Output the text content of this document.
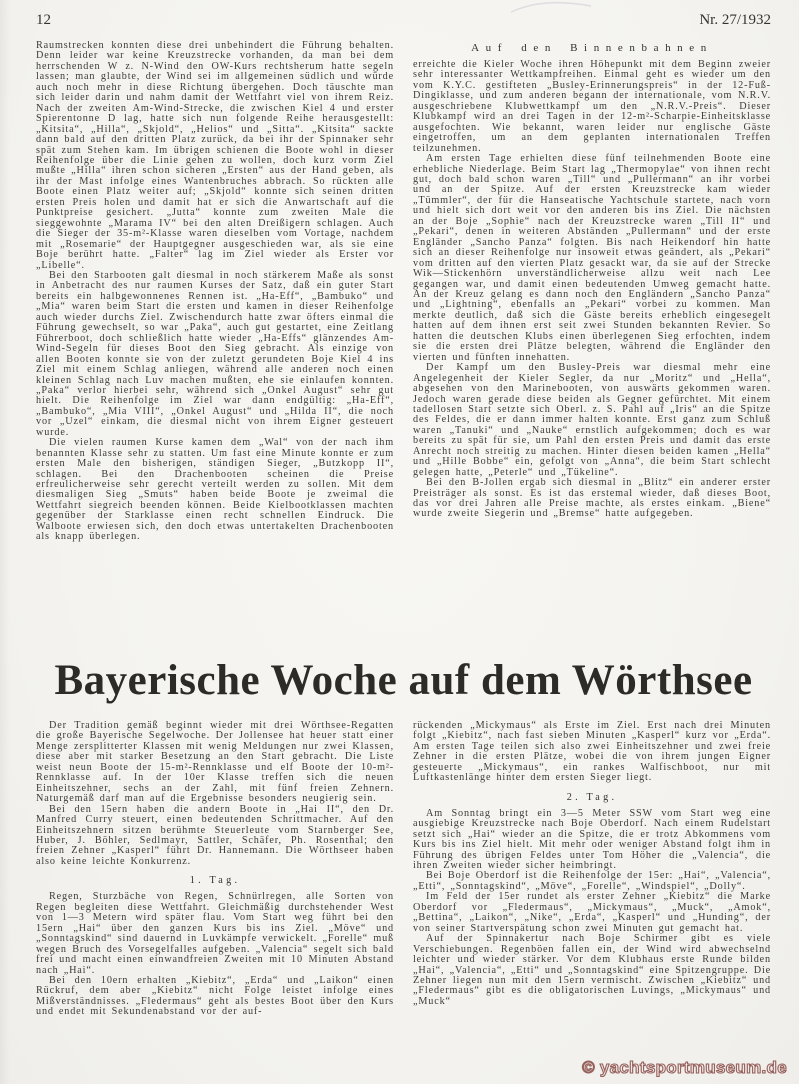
12	Nr. 27/1932

Raumstrecken konnten diese drei unbehindert die Führung behalten. Denn leider war keine Kreuzstrecke vorhanden, da man bei dem herrschenden W z. N-Wind den OW-Kurs rechtsherum hatte segeln lassen; man glaubte, der Wind sei im allgemeinen südlich und würde auch noch mehr in diese Richtung übergehen. Doch täuschte man sich leider darin und nahm damit der Wettfahrt viel von ihrem Reiz. Nach der zweiten Am-Wind-Strecke, die zwischen Kiel 4 und erster Spierentonne D lag, hatte sich nun folgende Reihe herausgestellt: „Kitsita“, „Hilla“, „Skjold“, „Helios“ und „Sitta“. „Kitsita“ sackte dann bald auf den dritten Platz zurück, da bei ihr der Spinnaker sehr spät zum Stehen kam. Im übrigen schienen die Boote wohl in dieser Reihenfolge über die Linie gehen zu wollen, doch kurz vorm Ziel mußte „Hilla“ ihren schon sicheren „Ersten“ aus der Hand geben, als ihr der Mast infolge eines Wantenbruches abbrach. So rückten alle Boote einen Platz weiter auf; „Skjold“ konnte sich seinen dritten ersten Preis holen und damit hat er sich die Anwartschaft auf die Punktpreise gesichert. „Jutta“ konnte zum zweiten Male die sieggewohnte „Marama IV“ bei den alten Dreißigern schlagen. Auch die Sieger der 35-m²-Klasse waren dieselben vom Vortage, nachdem mit „Rosemarie“ der Hauptgegner ausgeschieden war, als sie eine Boje berührt hatte. „Falter“ lag im Ziel wieder als Erster vor „Libelle“.

Bei den Starbooten galt diesmal in noch stärkerem Maße als sonst in Anbetracht des nur raumen Kurses der Satz, daß ein guter Start bereits ein halbgewonnenes Rennen ist. „Ha-Eff“, „Bambuko“ und „Mia“ waren beim Start die ersten und kamen in dieser Reihenfolge auch wieder durchs Ziel. Zwischendurch hatte zwar öfters einmal die Führung gewechselt, so war „Paka“, auch gut gestartet, eine Zeitlang Führerboot, doch schließlich hatte wieder „Ha-Effs“ glänzendes Am-Wind-Segeln für dieses Boot den Sieg gebracht. Als einzige von allen Booten konnte sie von der zuletzt gerundeten Boje Kiel 4 ins Ziel mit einem Schlag anliegen, während alle anderen noch einen kleinen Schlag nach Luv machen mußten, ehe sie einlaufen konnten. „Paka“ verlor hierbei sehr, während sich „Onkel August“ sehr gut hielt. Die Reihenfolge im Ziel war dann endgültig: „Ha-Eff“, „Bambuko“, „Mia VIII“, „Onkel August“ und „Hilda II“, die noch vor „Uzel“ einkam, die diesmal nicht von ihrem Eigner gesteuert wurde.

Die vielen raumen Kurse kamen dem „Wal“ von der nach ihm benannten Klasse sehr zu statten. Um fast eine Minute konnte er zum ersten Male den bisherigen, ständigen Sieger, „Butzkopp II“, schlagen. Bei den Drachenbooten scheinen die Preise erfreulicherweise sehr gerecht verteilt werden zu sollen. Mit dem diesmaligen Sieg „Smuts“ haben beide Boote je zweimal die Wettfahrt siegreich beenden können. Beide Kielbootklassen machten gegenüber der Starklasse einen recht schnellen Eindruck. Die Walboote erwiesen sich, den doch etwas untertakelten Drachenbooten als knapp überlegen.

Auf den Binnenbahnen

erreichte die Kieler Woche ihren Höhepunkt mit dem Beginn zweier sehr interessanter Wettkampfreihen. Einmal geht es wieder um den vom K.Y.C. gestifteten „Busley-Erinnerungspreis“ in der 12-Fuß-Dingiklasse, und zum anderen begann der internationale, vom N.R.V. ausgeschriebene Klubwettkampf um den „N.R.V.-Preis“. Dieser Klubkampf wird an drei Tagen in der 12-m²-Scharpie-Einheitsklasse ausgefochten. Wie bekannt, waren leider nur englische Gäste eingetroffen, um an dem geplanten internationalen Treffen teilzunehmen.

Am ersten Tage erhielten diese fünf teilnehmenden Boote eine erhebliche Niederlage. Beim Start lag „Thermopylae“ von ihnen recht gut, doch bald schon waren „Till“ und „Pullermann“ an ihr vorbei und an der Spitze. Auf der ersten Kreuzstrecke kam wieder „Tümmler“, der für die Hanseatische Yachtschule startete, nach vorn und hielt sich dort weit vor den anderen bis ins Ziel. Die nächsten an der Boje „Sophie“ nach der Kreuzstrecke waren „Till II“ und „Pekari“, denen in weiteren Abständen „Pullermann“ und der erste Engländer „Sancho Panza“ folgten. Bis nach Heikendorf hin hatte sich an dieser Reihenfolge nur insoweit etwas geändert, als „Pekari“ vom dritten auf den vierten Platz gesackt war, da sie auf der Strecke Wik—Stickenhörn unverständlicherweise allzu weit nach Lee gegangen war, und damit einen bedeutenden Umweg gemacht hatte. An der Kreuz gelang es dann noch den Engländern „Sancho Panza“ und „Lightning“, ebenfalls an „Pekari“ vorbei zu kommen. Man merkte deutlich, daß sich die Gäste bereits erheblich eingesegelt hatten auf dem ihnen erst seit zwei Stunden bekannten Revier. So hatten die deutschen Klubs einen überlegenen Sieg erfochten, indem sie die ersten drei Plätze belegten, während die Engländer den vierten und fünften innehatten.

Der Kampf um den Busley-Preis war diesmal mehr eine Angelegenheit der Kieler Segler, da nur „Moritz“ und „Hella“, abgesehen von den Marinebooten, von auswärts gekommen waren. Jedoch waren gerade diese beiden als Gegner gefürchtet. Mit einem tadellosen Start setzte sich Oberl. z. S. Pahl auf „Iris“ an die Spitze des Feldes, die er dann immer halten konnte. Erst ganz zum Schluß waren „Tanuki“ und „Nauke“ ernstlich aufgekommen; doch es war bereits zu spät für sie, um Pahl den ersten Preis und damit das erste Anrecht noch streitig zu machen. Hinter diesen beiden kamen „Hella“ und „Hille Bobbe“ ein, gefolgt von „Anna“, die beim Start schlecht gelegen hatte, „Peterle“ und „Tükeline“.

Bei den B-Jollen ergab sich diesmal in „Blitz“ ein anderer erster Preisträger als sonst. Es ist das erstemal wieder, daß dieses Boot, das vor drei Jahren alle Preise machte, als erstes einkam. „Biene“ wurde zweite Siegerin und „Bremse“ hatte aufgegeben.

Bayerische Woche auf dem Wörthsee

Der Tradition gemäß beginnt wieder mit drei Wörthsee-Regatten die große Bayerische Segelwoche. Der Jollensee hat heuer statt einer Menge zersplitterter Klassen mit wenig Meldungen nur zwei Klassen, diese aber mit starker Besetzung an den Start gebracht. Die Liste weist neun Boote der 15-m²-Rennklasse und elf Boote der 10-m²-Rennklasse auf. In der 10er Klasse treffen sich die neuen Einheitszehner, sechs an der Zahl, mit fünf freien Zehnern. Naturgemäß darf man auf die Ergebnisse besonders neugierig sein.

Bei den 15ern haben die andern Boote in „Hai II“, den Dr. Manfred Curry steuert, einen bedeutenden Schrittmacher. Auf den Einheitszehnern sitzen berühmte Steuerleute vom Starnberger See, Huber, J. Böhler, Sedlmayr, Sattler, Schäfer, Ph. Rosenthal; den freien Zehner „Kasperl“ führt Dr. Hannemann. Die Wörthseer haben also keine leichte Konkurrenz.

1. Tag.

Regen, Sturzbäche von Regen, Schnürlregen, alle Sorten von Regen begleiten diese Wettfahrt. Gleichmäßig durchstehender West von 1—3 Metern wird später flau. Vom Start weg führt bei den 15ern „Hai“ über den ganzen Kurs bis ins Ziel. „Möve“ und „Sonntagskind“ sind dauernd in Luvkämpfe verwickelt. „Forelle“ muß wegen Bruch des Vorsegelfalles aufgeben. „Valencia“ segelt sich bald frei und macht einen einwandfreien Zweiten mit 10 Minuten Abstand nach „Hai“.

Bei den 10ern erhalten „Kiebitz“, „Erda“ und „Laikon“ einen Rückruf, dem aber „Kiebitz“ nicht Folge leistet infolge eines Mißverständnisses. „Fledermaus“ geht als bestes Boot über den Kurs und endet mit Sekundenabstand vor der auf-

rückenden „Mickymaus“ als Erste im Ziel. Erst nach drei Minuten folgt „Kiebitz“, nach fast sieben Minuten „Kasperl“ kurz vor „Erda“. Am ersten Tage teilen sich also zwei Einheitszehner und zwei freie Zehner in die ersten Plätze, wobei die von ihrem jungen Eigner gesteuerte „Mickymaus“, ein rankes Walfischboot, nur mit Luftkastenlänge hinter dem ersten Sieger liegt.

2. Tag.

Am Sonntag bringt ein 3—5 Meter SSW vom Start weg eine ausgiebige Kreuzstrecke nach Boje Oberdorf. Nach einem Rudelstart setzt sich „Hai“ wieder an die Spitze, die er trotz Abkommens vom Kurs bis ins Ziel hielt. Mit mehr oder weniger Abstand folgt ihm in Führung des übrigen Feldes unter Tom Höher die „Valencia“, die ihren Zweiten wieder sicher heimbringt.

Bei Boje Oberdorf ist die Reihenfolge der 15er: „Hai“, „Valencia“, „Etti“, „Sonntagskind“, „Möve“, „Forelle“, „Windspiel“, „Dolly“.

Im Feld der 15er rundet als erster Zehner „Kiebitz“ die Marke Oberdorf vor „Fledermaus“, „Mickymaus“, „Muck“, „Amok“, „Bettina“, „Laikon“, „Nike“, „Erda“, „Kasperl“ und „Hunding“, der von seiner Startverspätung schon zwei Minuten gut gemacht hat.

Auf der Spinnakertur nach Boje Schirmer gibt es viele Verschiebungen. Regenböen fallen ein, der Wind wird abwechselnd leichter und wieder stärker. Vor dem Klubhaus erste Runde bilden „Hai“, „Valencia“, „Etti“ und „Sonntagskind“ eine Spitzengruppe. Die Zehner liegen nun mit den 15ern vermischt. Zwischen „Kiebitz“ und „Fledermaus“ gibt es die obligatorischen Luvings, „Mickymaus“ und „Muck“

© yachtsportmuseum.de
